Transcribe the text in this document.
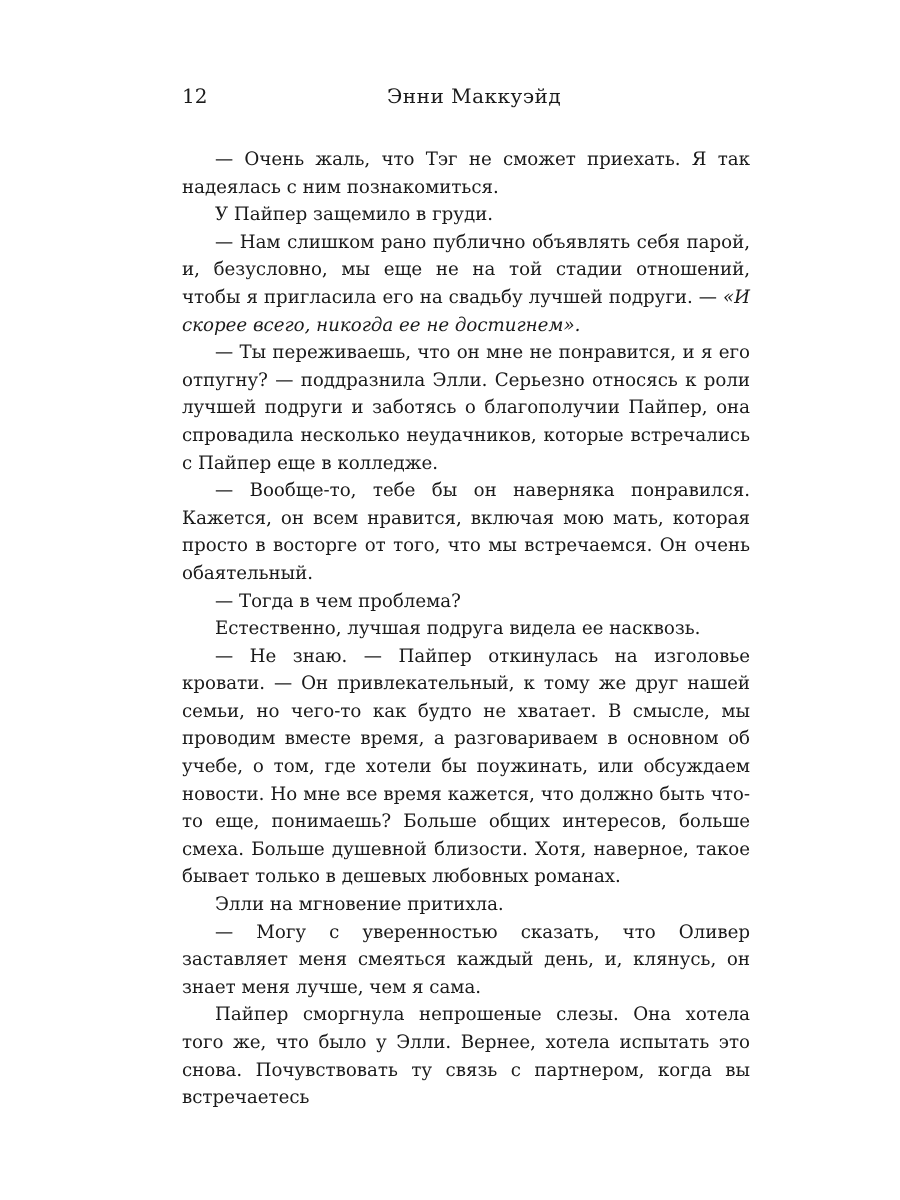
12	Энни Маккуэйд

— Очень жаль, что Тэг не сможет приехать. Я так надеялась с ним познакомиться.

У Пайпер защемило в груди.

— Нам слишком рано публично объявлять себя парой, и, безусловно, мы еще не на той стадии отношений, чтобы я пригласила его на свадьбу лучшей подруги. — «И скорее всего, никогда ее не достигнем».

— Ты переживаешь, что он мне не понравится, и я его отпугну? — поддразнила Элли. Серьезно относясь к роли лучшей подруги и заботясь о благополучии Пайпер, она спровадила несколько неудачников, которые встречались с Пайпер еще в колледже.

— Вообще-то, тебе бы он наверняка понравился. Кажется, он всем нравится, включая мою мать, которая просто в восторге от того, что мы встречаемся. Он очень обаятельный.

— Тогда в чем проблема?

Естественно, лучшая подруга видела ее насквозь.

— Не знаю. — Пайпер откинулась на изголовье кровати. — Он привлекательный, к тому же друг нашей семьи, но чего-то как будто не хватает. В смысле, мы проводим вместе время, а разговариваем в основном об учебе, о том, где хотели бы поужинать, или обсуждаем новости. Но мне все время кажется, что должно быть что-то еще, понимаешь? Больше общих интересов, больше смеха. Больше душевной близости. Хотя, наверное, такое бывает только в дешевых любовных романах.

Элли на мгновение притихла.

— Могу с уверенностью сказать, что Оливер заставляет меня смеяться каждый день, и, клянусь, он знает меня лучше, чем я сама.

Пайпер сморгнула непрошеные слезы. Она хотела того же, что было у Элли. Вернее, хотела испытать это снова. Почувствовать ту связь с партнером, когда вы встречаетесь
